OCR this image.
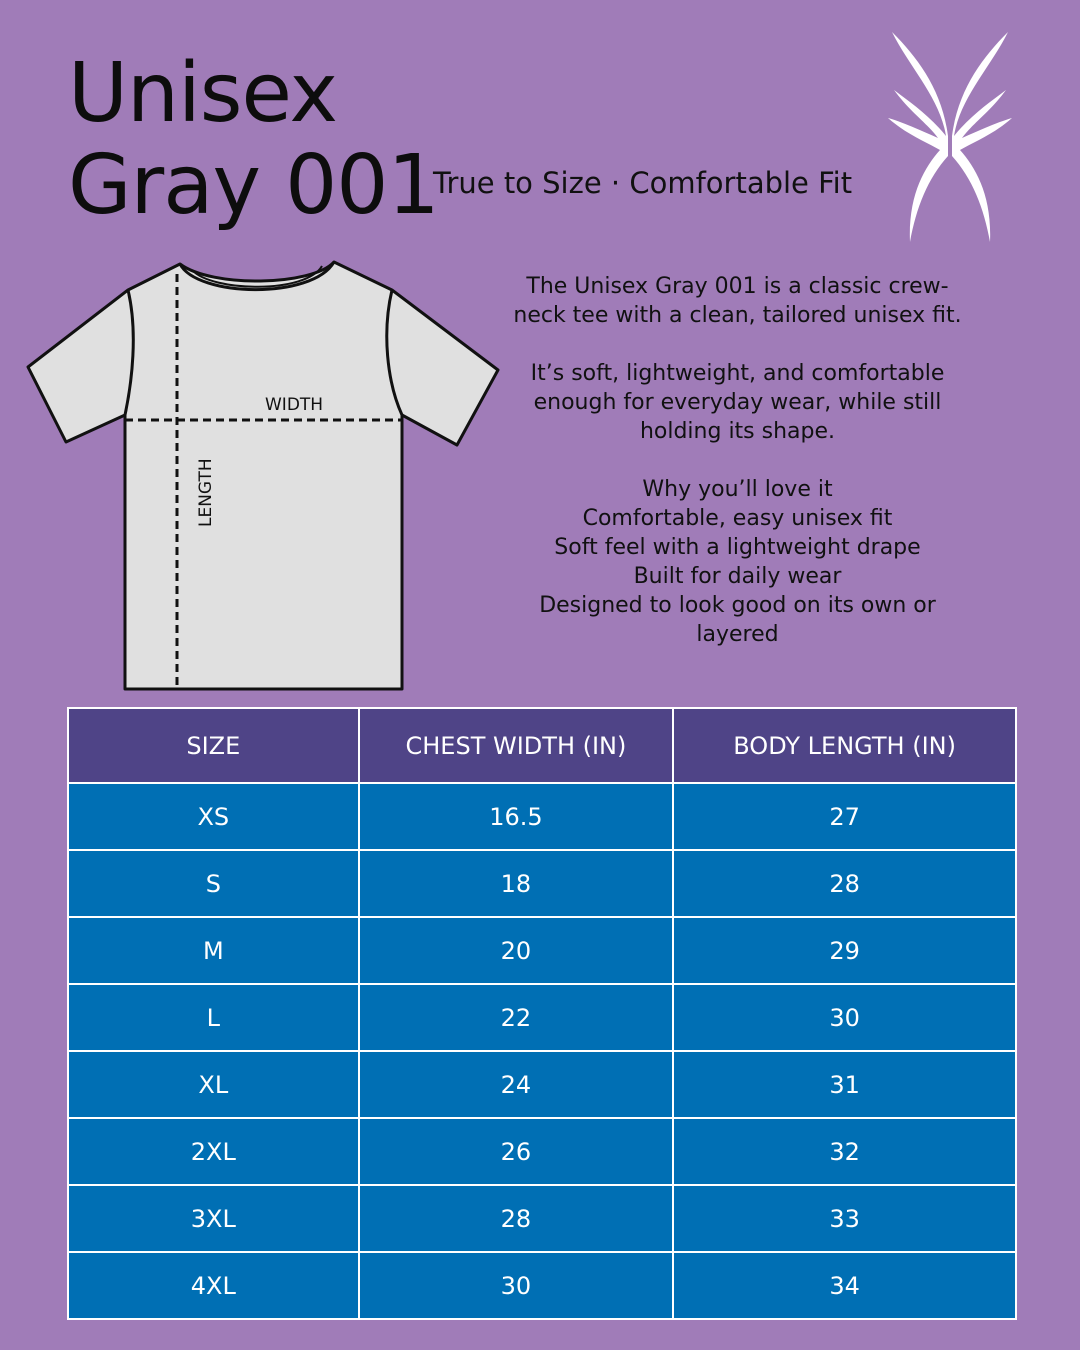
Unisex
Gray 001
True to Size · Comfortable Fit
WIDTH
LENGTH

The Unisex Gray 001 is a classic crew-neck tee with a clean, tailored unisex fit.

It’s soft, lightweight, and comfortable enough for everyday wear, while still holding its shape.

Why you’ll love it
Comfortable, easy unisex fit
Soft feel with a lightweight drape
Built for daily wear
Designed to look good on its own or layered
SIZE	CHEST WIDTH (IN)	BODY LENGTH (IN)
XS	16.5	27
S	18	28
M	20	29
L	22	30
XL	24	31
2XL	26	32
3XL	28	33
4XL	30	34
